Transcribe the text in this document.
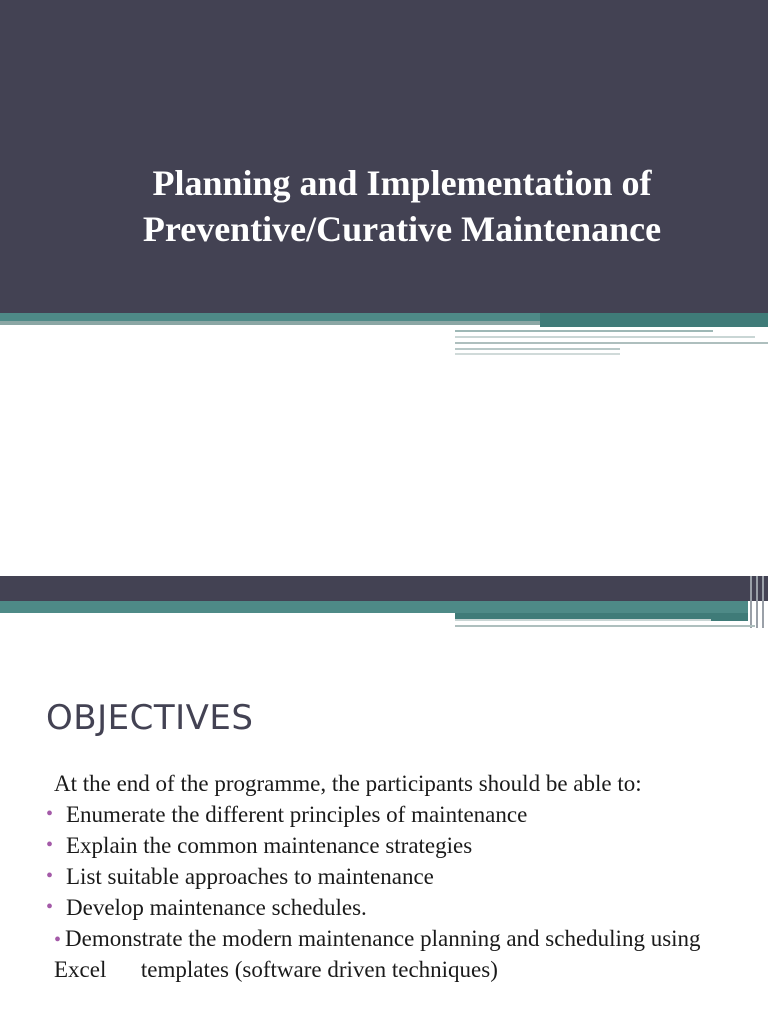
Planning and Implementation of Preventive/Curative Maintenance
OBJECTIVES

At the end of the programme, the participants should be able to:

• Enumerate the different principles of maintenance
• Explain the common maintenance strategies
• List suitable approaches to maintenance
• Develop maintenance schedules.
• Demonstrate the modern maintenance planning and scheduling using Excel      templates (software driven techniques)
